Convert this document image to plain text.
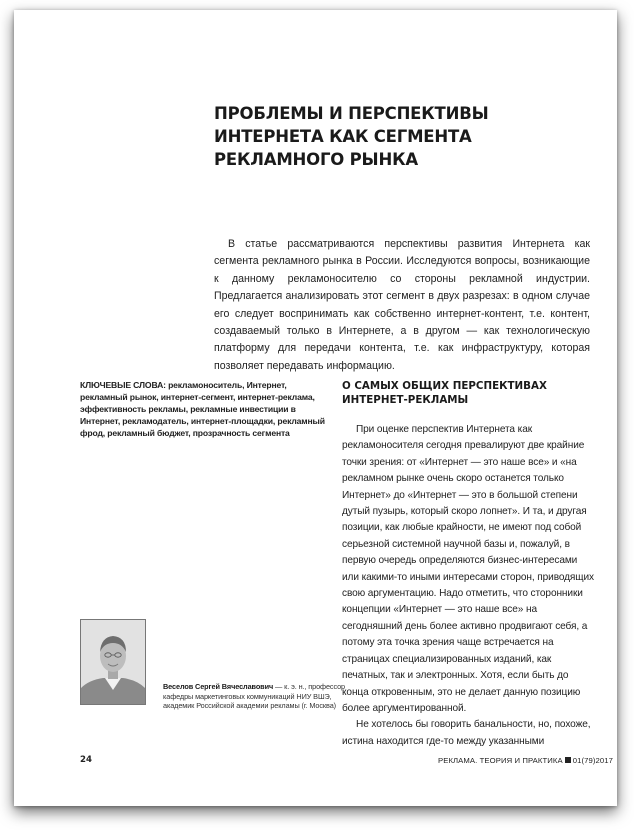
ПРОБЛЕМЫ И ПЕРСПЕКТИВЫ ИНТЕРНЕТА КАК СЕГМЕНТА РЕКЛАМНОГО РЫНКА

В статье рассматриваются перспективы развития Интернета как сегмента рекламного рынка в России. Исследуются вопросы, возникающие к данному рекламоносителю со стороны рекламной индустрии. Предлагается анализировать этот сегмент в двух разрезах: в одном случае его следует воспринимать как собственно интернет-контент, т.е. контент, создаваемый только в Интернете, а в другом — как технологическую платформу для передачи контента, т.е. как инфраструктуру, которая позволяет передавать информацию.

КЛЮЧЕВЫЕ СЛОВА: рекламоноситель, Интернет, рекламный рынок, интернет-сегмент, интернет-реклама, эффективность рекламы, рекламные инвестиции в Интернет, рекламодатель, интернет-площадки, рекламный фрод, рекламный бюджет, прозрачность сегмента

Веселов Сергей Вячеславович — к. э. н., профессор кафедры маркетинговых коммуникаций НИУ ВШЭ, академик Российской академии рекламы (г. Москва)

О САМЫХ ОБЩИХ ПЕРСПЕКТИВАХ ИНТЕРНЕТ-РЕКЛАМЫ

При оценке перспектив Интернета как рекламоносителя сегодня превалируют две крайние точки зрения: от «Интернет — это наше все» и «на рекламном рынке очень скоро останется только Интернет» до «Интернет — это в большой степени дутый пузырь, который скоро лопнет». И та, и другая позиции, как любые крайности, не имеют под собой серьезной системной научной базы и, пожалуй, в первую очередь определяются бизнес-интересами или какими-то иными интересами сторон, приводящих свою аргументацию. Надо отметить, что сторонники концепции «Интернет — это наше все» на сегодняшний день более активно продвигают себя, а потому эта точка зрения чаще встречается на страницах специализированных изданий, как печатных, так и электронных. Хотя, если быть до конца откровенным, это не делает данную позицию более аргументированной.

Не хотелось бы говорить банальности, но, похоже, истина находится где-то между указанными

24	РЕКЛАМА. ТЕОРИЯ И ПРАКТИКА 01(79)2017
